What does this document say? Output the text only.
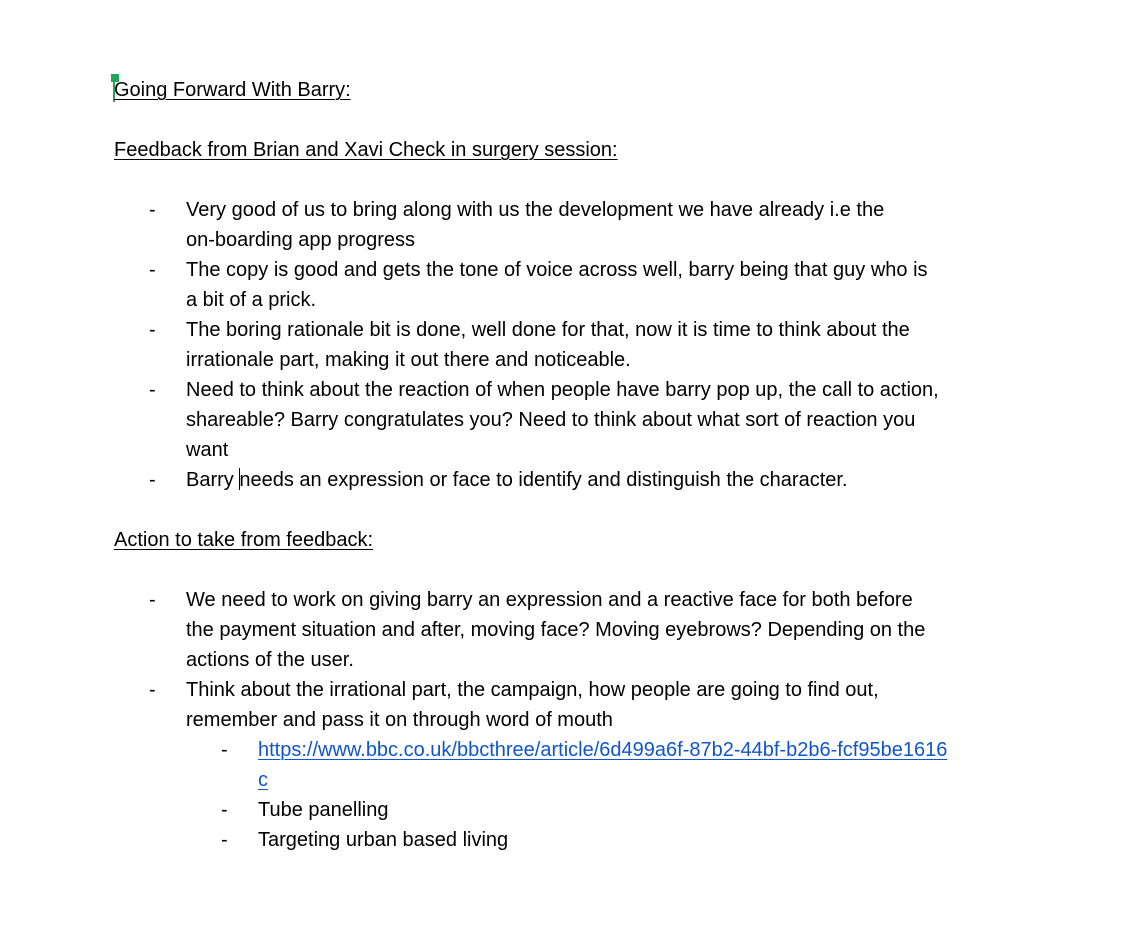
Going Forward With Barry:
Feedback from Brian and Xavi Check in surgery session:
- Very good of us to bring along with us the development we have already i.e the
on-boarding app progress
- The copy is good and gets the tone of voice across well, barry being that guy who is
a bit of a prick.
- The boring rationale bit is done, well done for that, now it is time to think about the
irrationale part, making it out there and noticeable.
- Need to think about the reaction of when people have barry pop up, the call to action,
shareable? Barry congratulates you? Need to think about what sort of reaction you
want
- Barry needs an expression or face to identify and distinguish the character.
Action to take from feedback:
- We need to work on giving barry an expression and a reactive face for both before
the payment situation and after, moving face? Moving eyebrows? Depending on the
actions of the user.
- Think about the irrational part, the campaign, how people are going to find out,
remember and pass it on through word of mouth
- https://www.bbc.co.uk/bbcthree/article/6d499a6f-87b2-44bf-b2b6-fcf95be1616
c
- Tube panelling
- Targeting urban based living
